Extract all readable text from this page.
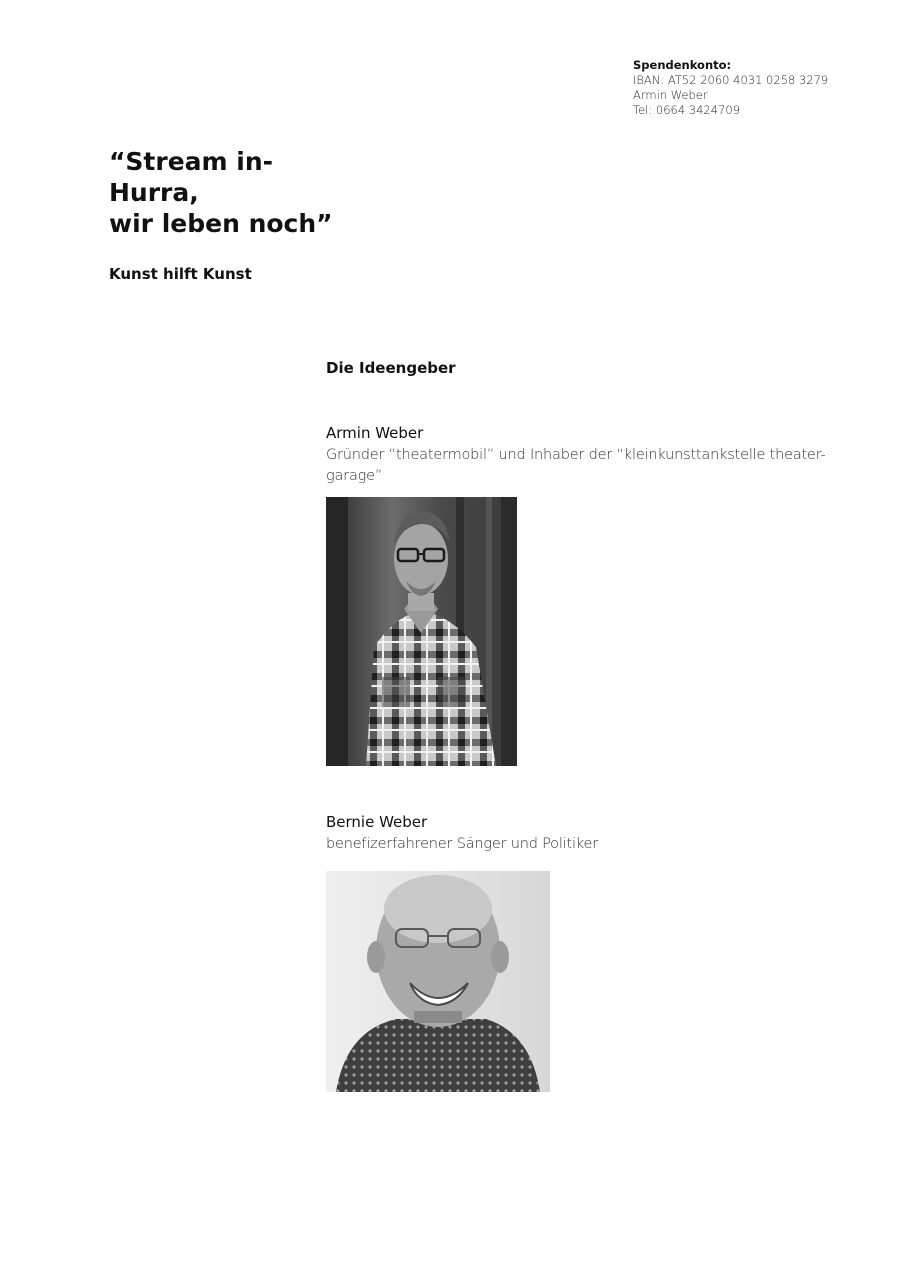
Spendenkonto:
IBAN: AT52 2060 4031 0258 3279
Armin Weber
Tel: 0664 3424709
“Stream in-
Hurra,
wir leben noch”
Kunst hilft Kunst
Die Ideengeber
Armin Weber
Gründer “theatermobil” und Inhaber der “kleinkunsttankstelle theater-garage”
Bernie Weber
benefizerfahrener Sänger und Politiker
